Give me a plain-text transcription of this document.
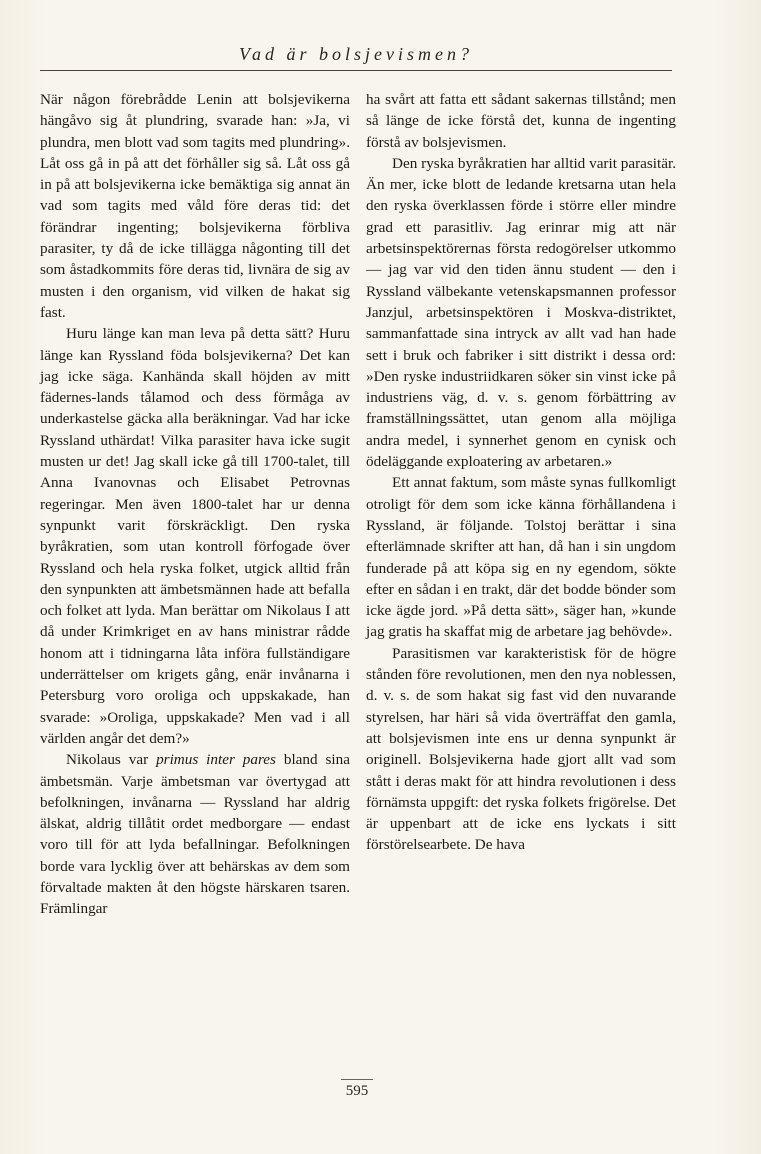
Vad är bolsjevismen?

När någon förebrådde Lenin att bolsjevikerna hängåvo sig åt plundring, svarade han: »Ja, vi plundra, men blott vad som tagits med plundring». Låt oss gå in på att det förhåller sig så. Låt oss gå in på att bolsjevikerna icke bemäktiga sig annat än vad som tagits med våld före deras tid: det förändrar ingenting; bolsjevikerna förbliva parasiter, ty då de icke tillägga någonting till det som åstadkommits före deras tid, livnära de sig av musten i den organism, vid vilken de hakat sig fast.

Huru länge kan man leva på detta sätt? Huru länge kan Ryssland föda bolsjevikerna? Det kan jag icke säga. Kanhända skall höjden av mitt fädernes-lands tålamod och dess förmåga av underkastelse gäcka alla beräkningar. Vad har icke Ryssland uthärdat! Vilka parasiter hava icke sugit musten ur det! Jag skall icke gå till 1700-talet, till Anna Ivanovnas och Elisabet Petrovnas regeringar. Men även 1800-talet har ur denna synpunkt varit förskräckligt. Den ryska byråkratien, som utan kontroll förfogade över Ryssland och hela ryska folket, utgick alltid från den synpunkten att ämbetsmännen hade att befalla och folket att lyda. Man berättar om Nikolaus I att då under Krimkriget en av hans ministrar rådde honom att i tidningarna låta införa fullständigare underrättelser om krigets gång, enär invånarna i Petersburg voro oroliga och uppskakade, han svarade: »Oroliga, uppskakade? Men vad i all världen angår det dem?»

Nikolaus var primus inter pares bland sina ämbetsmän. Varje ämbetsman var övertygad att befolkningen, invånarna — Ryssland har aldrig älskat, aldrig tillåtit ordet medborgare — endast voro till för att lyda befallningar. Befolkningen borde vara lycklig över att behärskas av dem som förvaltade makten åt den högste härskaren tsaren. Främlingar

ha svårt att fatta ett sådant sakernas tillstånd; men så länge de icke förstå det, kunna de ingenting förstå av bolsjevismen.

Den ryska byråkratien har alltid varit parasitär. Än mer, icke blott de ledande kretsarna utan hela den ryska överklassen förde i större eller mindre grad ett parasitliv. Jag erinrar mig att när arbetsinspektörernas första redogörelser utkommo — jag var vid den tiden ännu student — den i Ryssland välbekante vetenskapsmannen professor Janzjul, arbetsinspektören i Moskva-distriktet, sammanfattade sina intryck av allt vad han hade sett i bruk och fabriker i sitt distrikt i dessa ord: »Den ryske industriidkaren söker sin vinst icke på industriens väg, d. v. s. genom förbättring av framställningssättet, utan genom alla möjliga andra medel, i synnerhet genom en cynisk och ödeläggande exploatering av arbetaren.»

Ett annat faktum, som måste synas fullkomligt otroligt för dem som icke känna förhållandena i Ryssland, är följande. Tolstoj berättar i sina efterlämnade skrifter att han, då han i sin ungdom funderade på att köpa sig en ny egendom, sökte efter en sådan i en trakt, där det bodde bönder som icke ägde jord. »På detta sätt», säger han, »kunde jag gratis ha skaffat mig de arbetare jag behövde».

Parasitismen var karakteristisk för de högre stånden före revolutionen, men den nya noblessen, d. v. s. de som hakat sig fast vid den nuvarande styrelsen, har häri så vida överträffat den gamla, att bolsjevismen inte ens ur denna synpunkt är originell. Bolsjevikerna hade gjort allt vad som stått i deras makt för att hindra revolutionen i dess förnämsta uppgift: det ryska folkets frigörelse. Det är uppenbart att de icke ens lyckats i sitt förstörelsearbete. De hava

595
